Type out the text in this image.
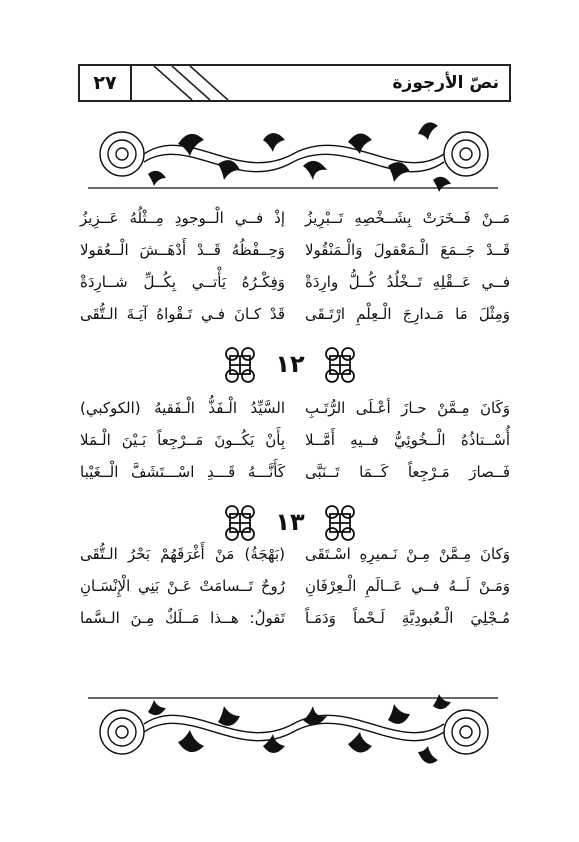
٢٧	نصّ الأرجوزة
مَــنْ فَــخَرَتْ بِشَــخْصِهِ تَــبْرِيزُ
إذْ فــي الْــوجودِ مِــثْلُهُ عَــزِيزُ
قَــدْ جَــمَعَ الْـمَعْقولَ وَالْـمَنْقُولا
وَحِــفْظُهُ قَــدْ أَدْهَــشَ الْــعُقولا
فــي عَــقْلِهِ تَــخْلُدُ كُــلُّ وارِدَةْ
وَفِكْـرُهُ يَأْتــي بِكُــلِّ شــارِدَةْ
وَمِثْلَ مَا مَـدارِجَ الْـعِلْمِ ارْتَـقَى
قَدْ كـانَ فـي تَـقْواهُ آيَـةَ الـتُّقَى
١٢
وَكَانَ مِـمَّنْ حـازَ أعْـلَى الرُّتَـبِ
السَّيِّدُ الْـفَذُّ الْـفَقيهُ (الكوكبي)
أُسْــتاذُهُ الْــخُوئِيُّ فــيهِ أَمَّــلا
بِأَنْ يَكُــونَ مَــرْجِعاً بَـيْنَ الْـمَلا
فَــصارَ مَـرْجِعاً كَــمَا تَــنَبَّى
كَأَنَّـــهُ قَـــدِ اسْـــتَشَفَّ الْــغَيْبا
١٣
وَكانَ مِـمَّنْ مِـنْ نَـميرِهِ اسْـتَقَى
(بَهْجَةُ) مَنْ أَغْرَقَهُمْ بَحْرُ الـتُّقَى
وَمَـنْ لَــهُ فــي عَــالَمِ الْـعِرْفَانِ
رُوحٌ تَــسامَتْ عَـنْ بَنِي الْإِنْسَـانِ
مُـجْلِيَ الْـعُبودِيَّةِ لَـحْماً وَدَمَـاً
تَقولُ: هــذا مَــلَكٌ مِـنَ الـسَّما
